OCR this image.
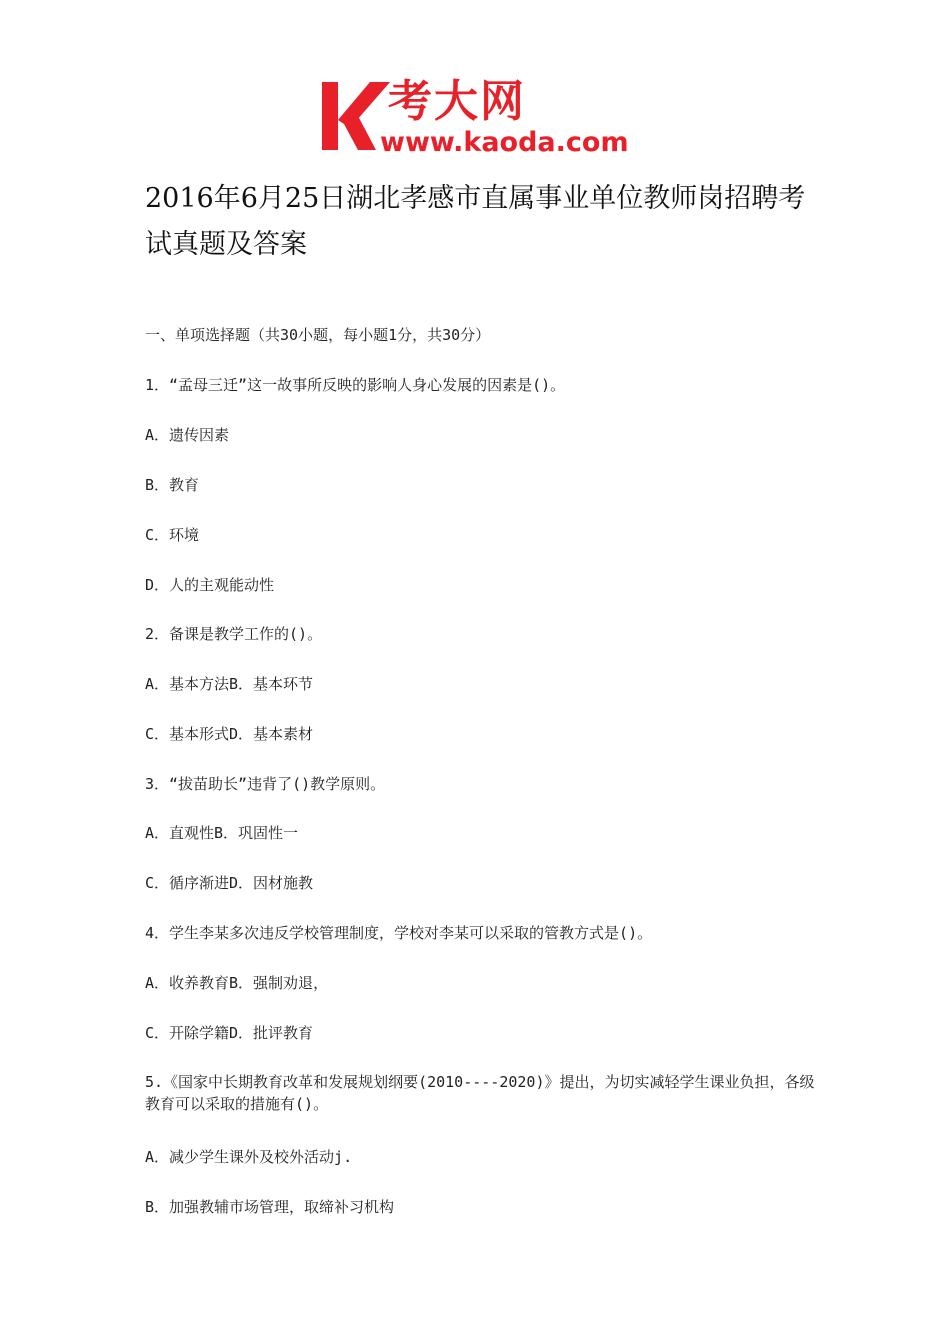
考大网
www.kaoda.com
2016年6月25日湖北孝感市直属事业单位教师岗招聘考试真题及答案
一、单项选择题（共30小题，每小题1分，共30分）
1．“孟母三迁”这一故事所反映的影响人身心发展的因素是()。
A．遗传因素
B．教育
C．环境
D．人的主观能动性
2．备课是教学工作的()。
A．基本方法B．基本环节
C．基本形式D．基本素材
3．“拔苗助长”违背了()教学原则。
A．直观性B．巩固性一
C．循序渐进D．因材施教
4．学生李某多次违反学校管理制度，学校对李某可以采取的管教方式是()。
A．收养教育B．强制劝退，
C．开除学籍D．批评教育
5.《国家中长期教育改革和发展规划纲要(2010----2020)》提出，为切实减轻学生课业负担，各级教育可以采取的措施有()。
A．减少学生课外及校外活动j.
B．加强教辅市场管理，取缔补习机构
